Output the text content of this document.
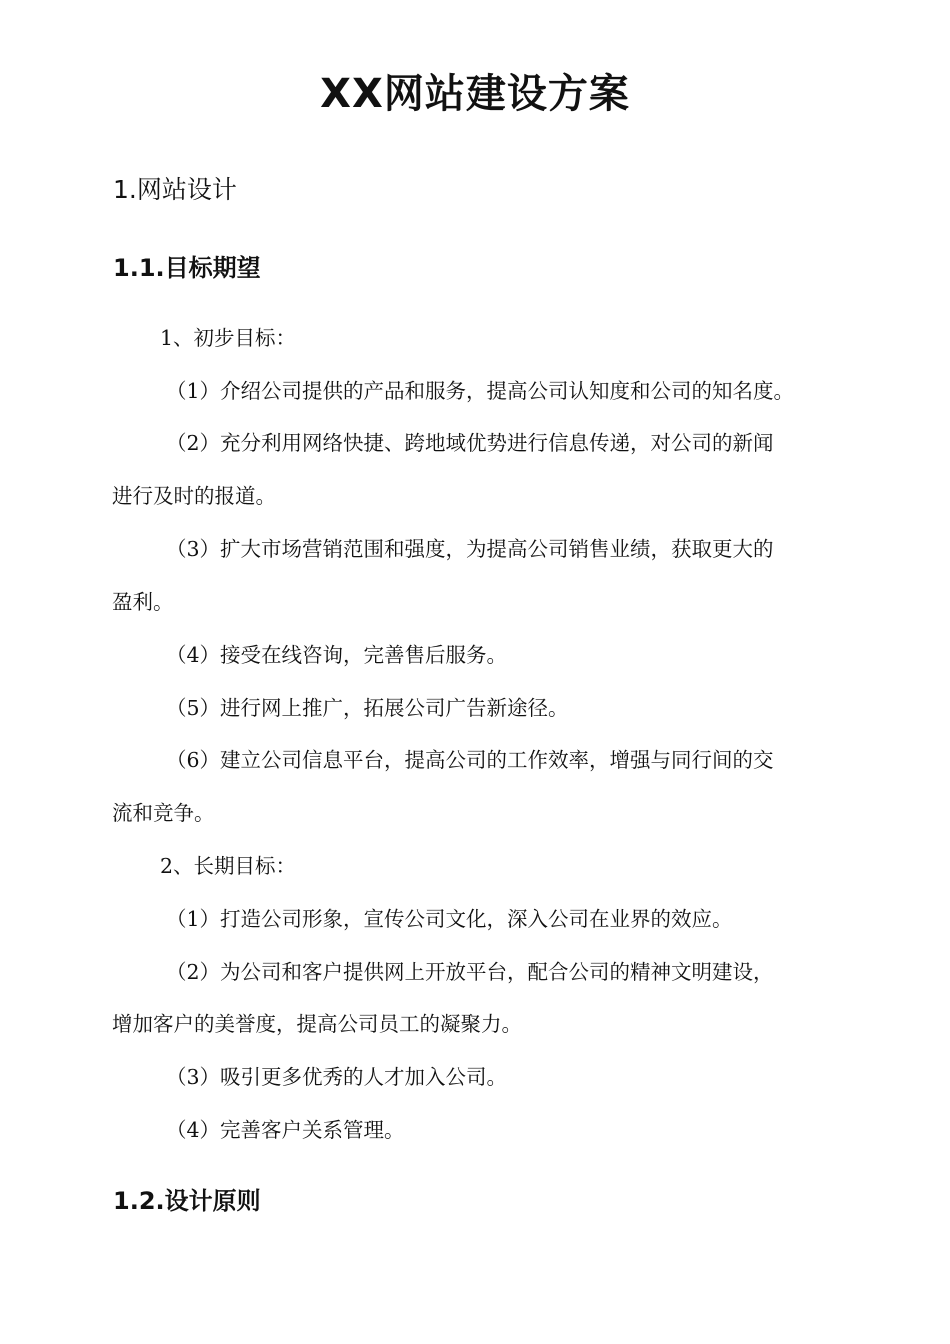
XX网站建设方案
1.网站设计
1.1.目标期望

1、初步目标：

（1）介绍公司提供的产品和服务，提高公司认知度和公司的知名度。

（2）充分利用网络快捷、跨地域优势进行信息传递，对公司的新闻

进行及时的报道。

（3）扩大市场营销范围和强度，为提高公司销售业绩，获取更大的

盈利。

（4）接受在线咨询，完善售后服务。

（5）进行网上推广，拓展公司广告新途径。

（6）建立公司信息平台，提高公司的工作效率，增强与同行间的交

流和竞争。

2、长期目标：

（1）打造公司形象，宣传公司文化，深入公司在业界的效应。

（2）为公司和客户提供网上开放平台，配合公司的精神文明建设，

增加客户的美誉度，提高公司员工的凝聚力。

（3）吸引更多优秀的人才加入公司。

（4）完善客户关系管理。

1.2.设计原则
